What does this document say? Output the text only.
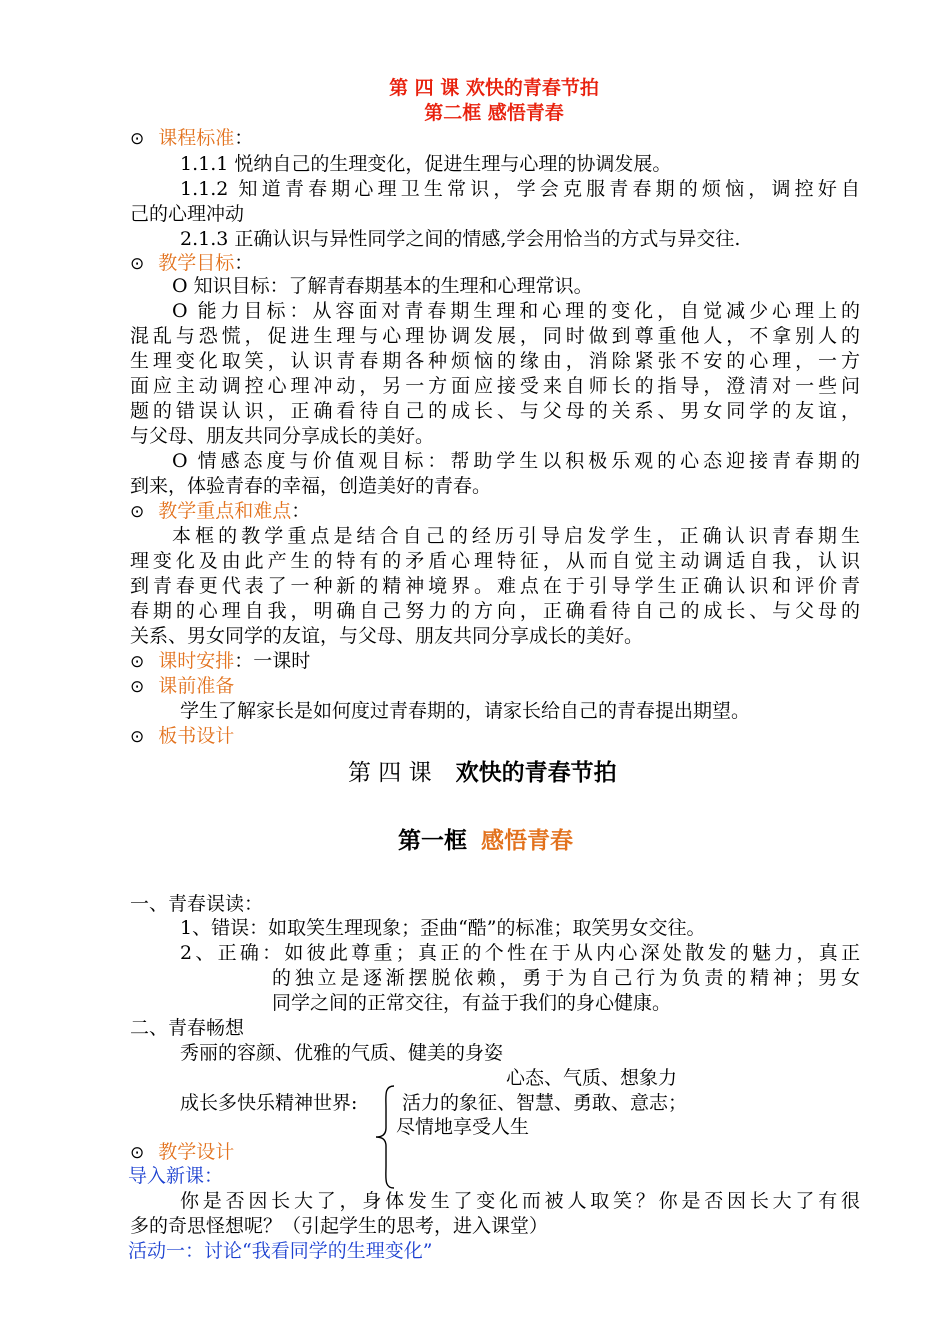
第 四 课 欢快的青春节拍
第二框 感悟青春
⊙ 课程标准：
1.1.1 悦纳自己的生理变化，促进生理与心理的协调发展。
1.1.2 知道青春期心理卫生常识，学会克服青春期的烦恼，调控好自
己的心理冲动
2.1.3 正确认识与异性同学之间的情感,学会用恰当的方式与异交往.
⊙ 教学目标：
O 知识目标：了解青春期基本的生理和心理常识。
O 能力目标：从容面对青春期生理和心理的变化，自觉减少心理上的
混乱与恐慌，促进生理与心理协调发展，同时做到尊重他人，不拿别人的
生理变化取笑，认识青春期各种烦恼的缘由，消除紧张不安的心理，一方
面应主动调控心理冲动，另一方面应接受来自师长的指导，澄清对一些问
题的错误认识，正确看待自己的成长、与父母的关系、男女同学的友谊，
与父母、朋友共同分享成长的美好。
O 情感态度与价值观目标：帮助学生以积极乐观的心态迎接青春期的
到来，体验青春的幸福，创造美好的青春。
⊙ 教学重点和难点：
本框的教学重点是结合自己的经历引导启发学生，正确认识青春期生
理变化及由此产生的特有的矛盾心理特征，从而自觉主动调适自我，认识
到青春更代表了一种新的精神境界。难点在于引导学生正确认识和评价青
春期的心理自我，明确自己努力的方向，正确看待自己的成长、与父母的
关系、男女同学的友谊，与父母、朋友共同分享成长的美好。
⊙ 课时安排：一课时
⊙ 课前准备
学生了解家长是如何度过青春期的，请家长给自己的青春提出期望。
⊙ 板书设计
第 四 课 欢快的青春节拍
第一框 感悟青春
一、青春误读：
1、错误：如取笑生理现象；歪曲“酷”的标准；取笑男女交往。
2、正确：如彼此尊重；真正的个性在于从内心深处散发的魅力，真正
的独立是逐渐摆脱依赖，勇于为自己行为负责的精神；男女
同学之间的正常交往，有益于我们的身心健康。
二、青春畅想
秀丽的容颜、优雅的气质、健美的身姿
心态、气质、想象力
成长多快乐精神世界: 活力的象征、智慧、勇敢、意志；
尽情地享受人生
⊙ 教学设计
导入新课：
你是否因长大了，身体发生了变化而被人取笑？你是否因长大了有很
多的奇思怪想呢？（引起学生的思考，进入课堂）
活动一：讨论“我看同学的生理变化”
